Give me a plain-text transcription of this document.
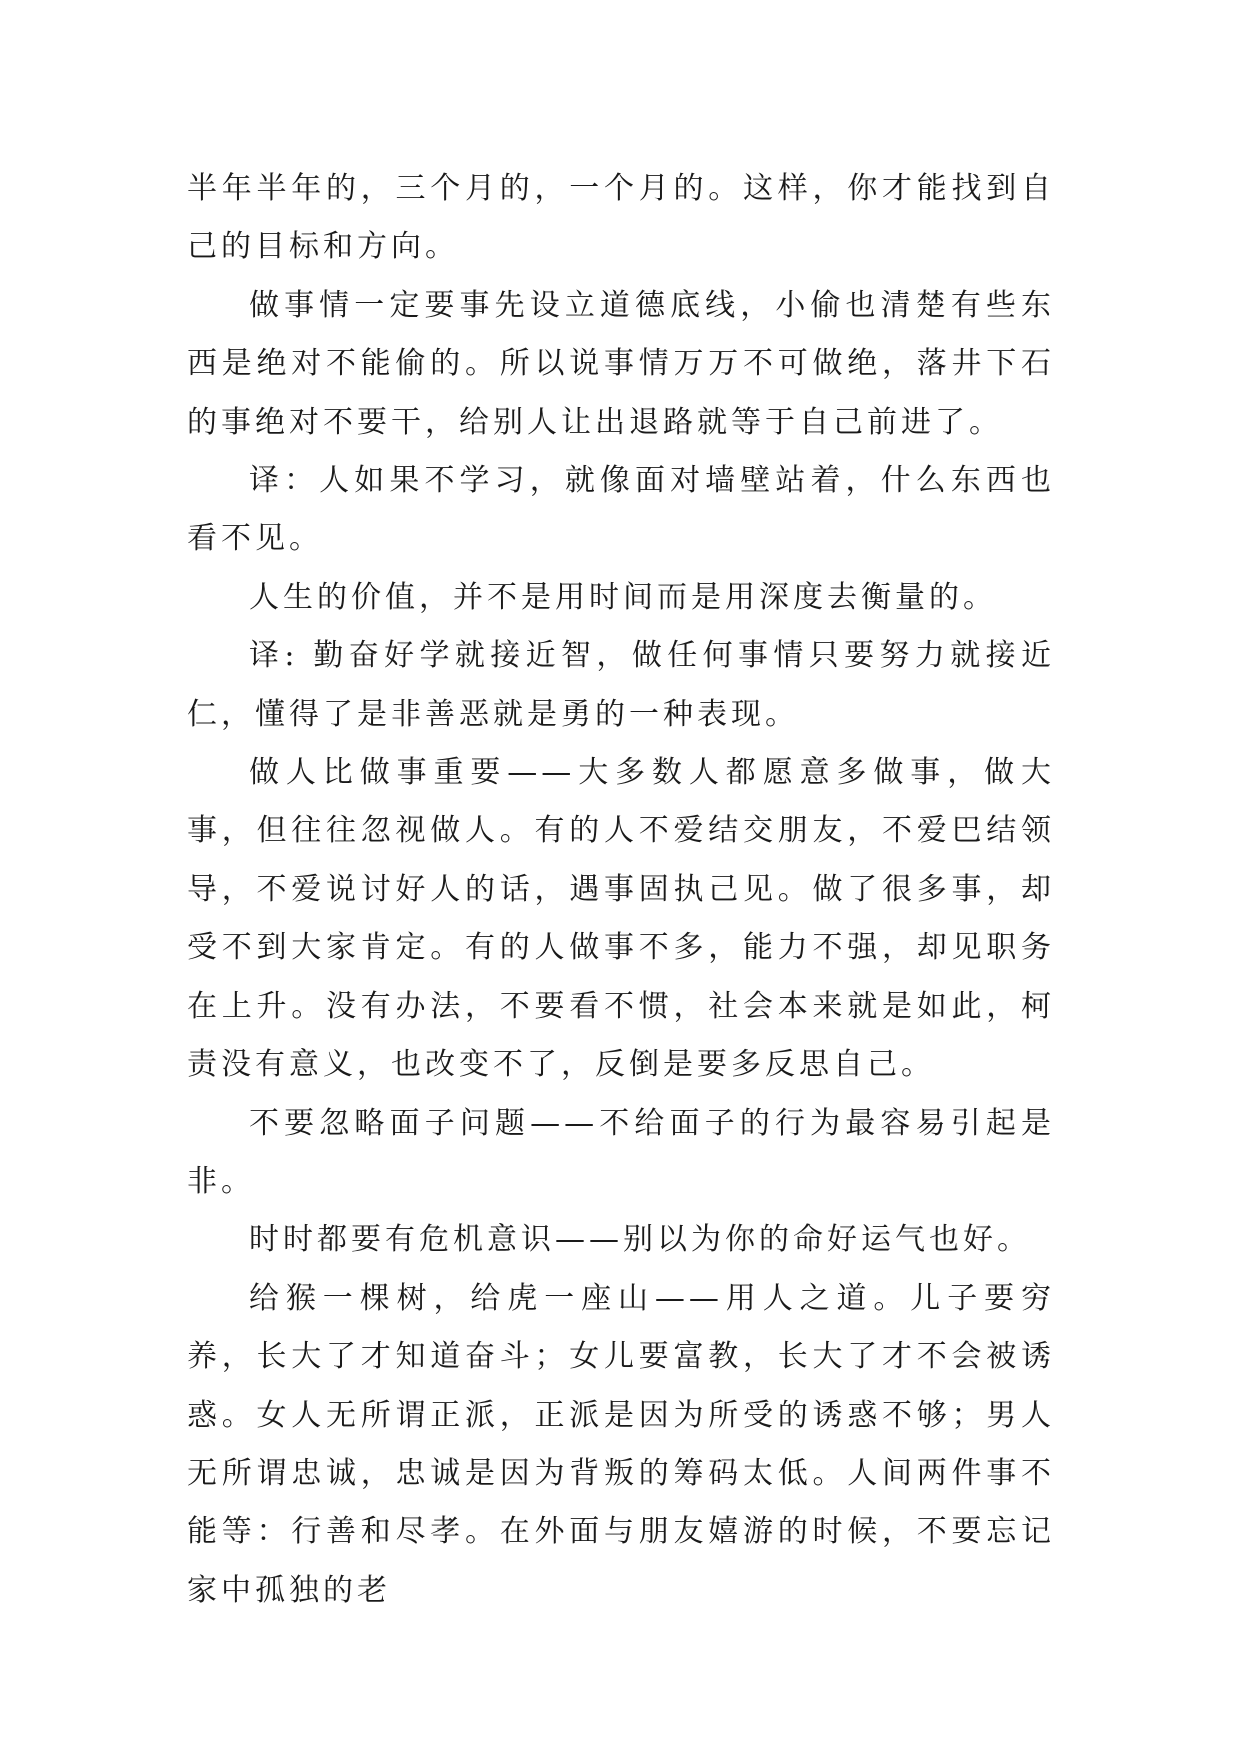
半年半年的，三个月的，一个月的。这样，你才能找到自己的目标和方向。

做事情一定要事先设立道德底线，小偷也清楚有些东西是绝对不能偷的。所以说事情万万不可做绝，落井下石的事绝对不要干，给别人让出退路就等于自己前进了。

译：人如果不学习，就像面对墙壁站着，什么东西也看不见。

人生的价值，并不是用时间而是用深度去衡量的。

译: 勤奋好学就接近智，做任何事情只要努力就接近仁，懂得了是非善恶就是勇的一种表现。

做人比做事重要——大多数人都愿意多做事，做大事，但往往忽视做人。有的人不爱结交朋友，不爱巴结领导，不爱说讨好人的话，遇事固执己见。做了很多事，却受不到大家肯定。有的人做事不多，能力不强，却见职务在上升。没有办法，不要看不惯，社会本来就是如此，柯责没有意义，也改变不了，反倒是要多反思自己。

不要忽略面子问题——不给面子的行为最容易引起是非。

时时都要有危机意识——别以为你的命好运气也好。

给猴一棵树，给虎一座山——用人之道。儿子要穷养，长大了才知道奋斗；女儿要富教，长大了才不会被诱惑。女人无所谓正派，正派是因为所受的诱惑不够；男人无所谓忠诚，忠诚是因为背叛的筹码太低。人间两件事不能等：行善和尽孝。在外面与朋友嬉游的时候，不要忘记家中孤独的老
